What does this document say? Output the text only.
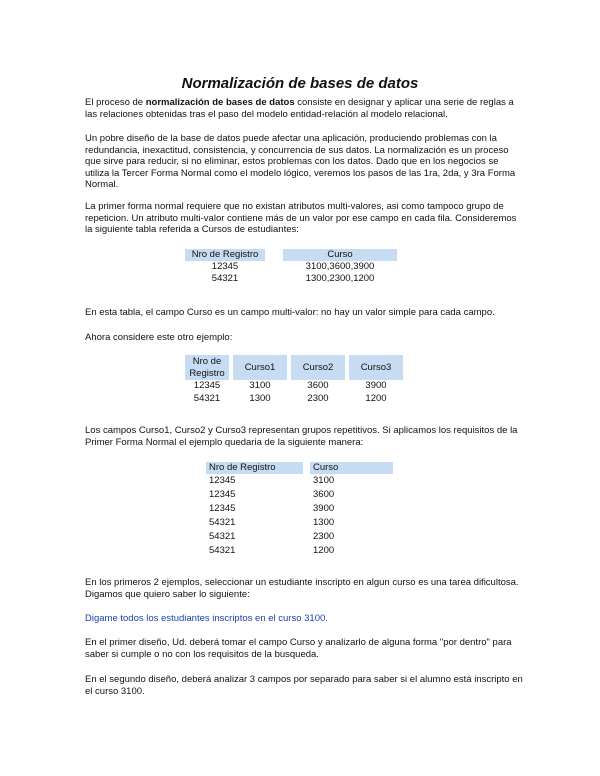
Normalización de bases de datos
El proceso de normalización de bases de datos consiste en designar y aplicar una serie de reglas a las relaciones obtenidas tras el paso del modelo entidad-relación al modelo relacional.
Un pobre diseño de la base de datos puede afectar una aplicación, produciendo problemas con la redundancia, inexactitud, consistencia, y concurrencia de sus datos. La normalización es un proceso que sirve para reducir, si no eliminar, estos problemas con los datos. Dado que en los negocios se utiliza la Tercer Forma Normal como el modelo lógico, veremos los pasos de las 1ra, 2da, y 3ra Forma Normal.
La primer forma normal requiere que no existan atributos multi-valores, asi como tampoco grupo de repeticion. Un atributo multi-valor contiene más de un valor por ese campo en cada fila. Consideremos la siguiente tabla referida a Cursos de estudiantes:
Nro de Registro		Curso
12345		3100,3600,3900
54321		1300,2300,1200
En esta tabla, el campo Curso es un campo multi-valor: no hay un valor simple para cada campo.
Ahora considere este otro ejemplo:
Nro de Registro		Curso1		Curso2		Curso3
12345		3100		3600		3900
54321		1300		2300		1200
Los campos Curso1, Curso2 y Curso3 representan grupos repetitivos. Si aplicamos los requisitos de la Primer Forma Normal el ejemplo quedaria de la siguiente manera:
Nro de Registro		Curso
12345		3100
12345		3600
12345		3900
54321		1300
54321		2300
54321		1200
En los primeros 2 ejemplos, seleccionar un estudiante inscripto en algun curso es una tarea dificultosa. Digamos que quiero saber lo siguiente:
Digame todos los estudiantes inscriptos en el curso 3100.
En el primer diseño, Ud. deberá tomar el campo Curso y analizarlo de alguna forma "por dentro" para saber si cumple o no con los requisitos de la busqueda.
En el segundo diseño, deberá analizar 3 campos por separado para saber si el alumno está inscripto en el curso 3100.
